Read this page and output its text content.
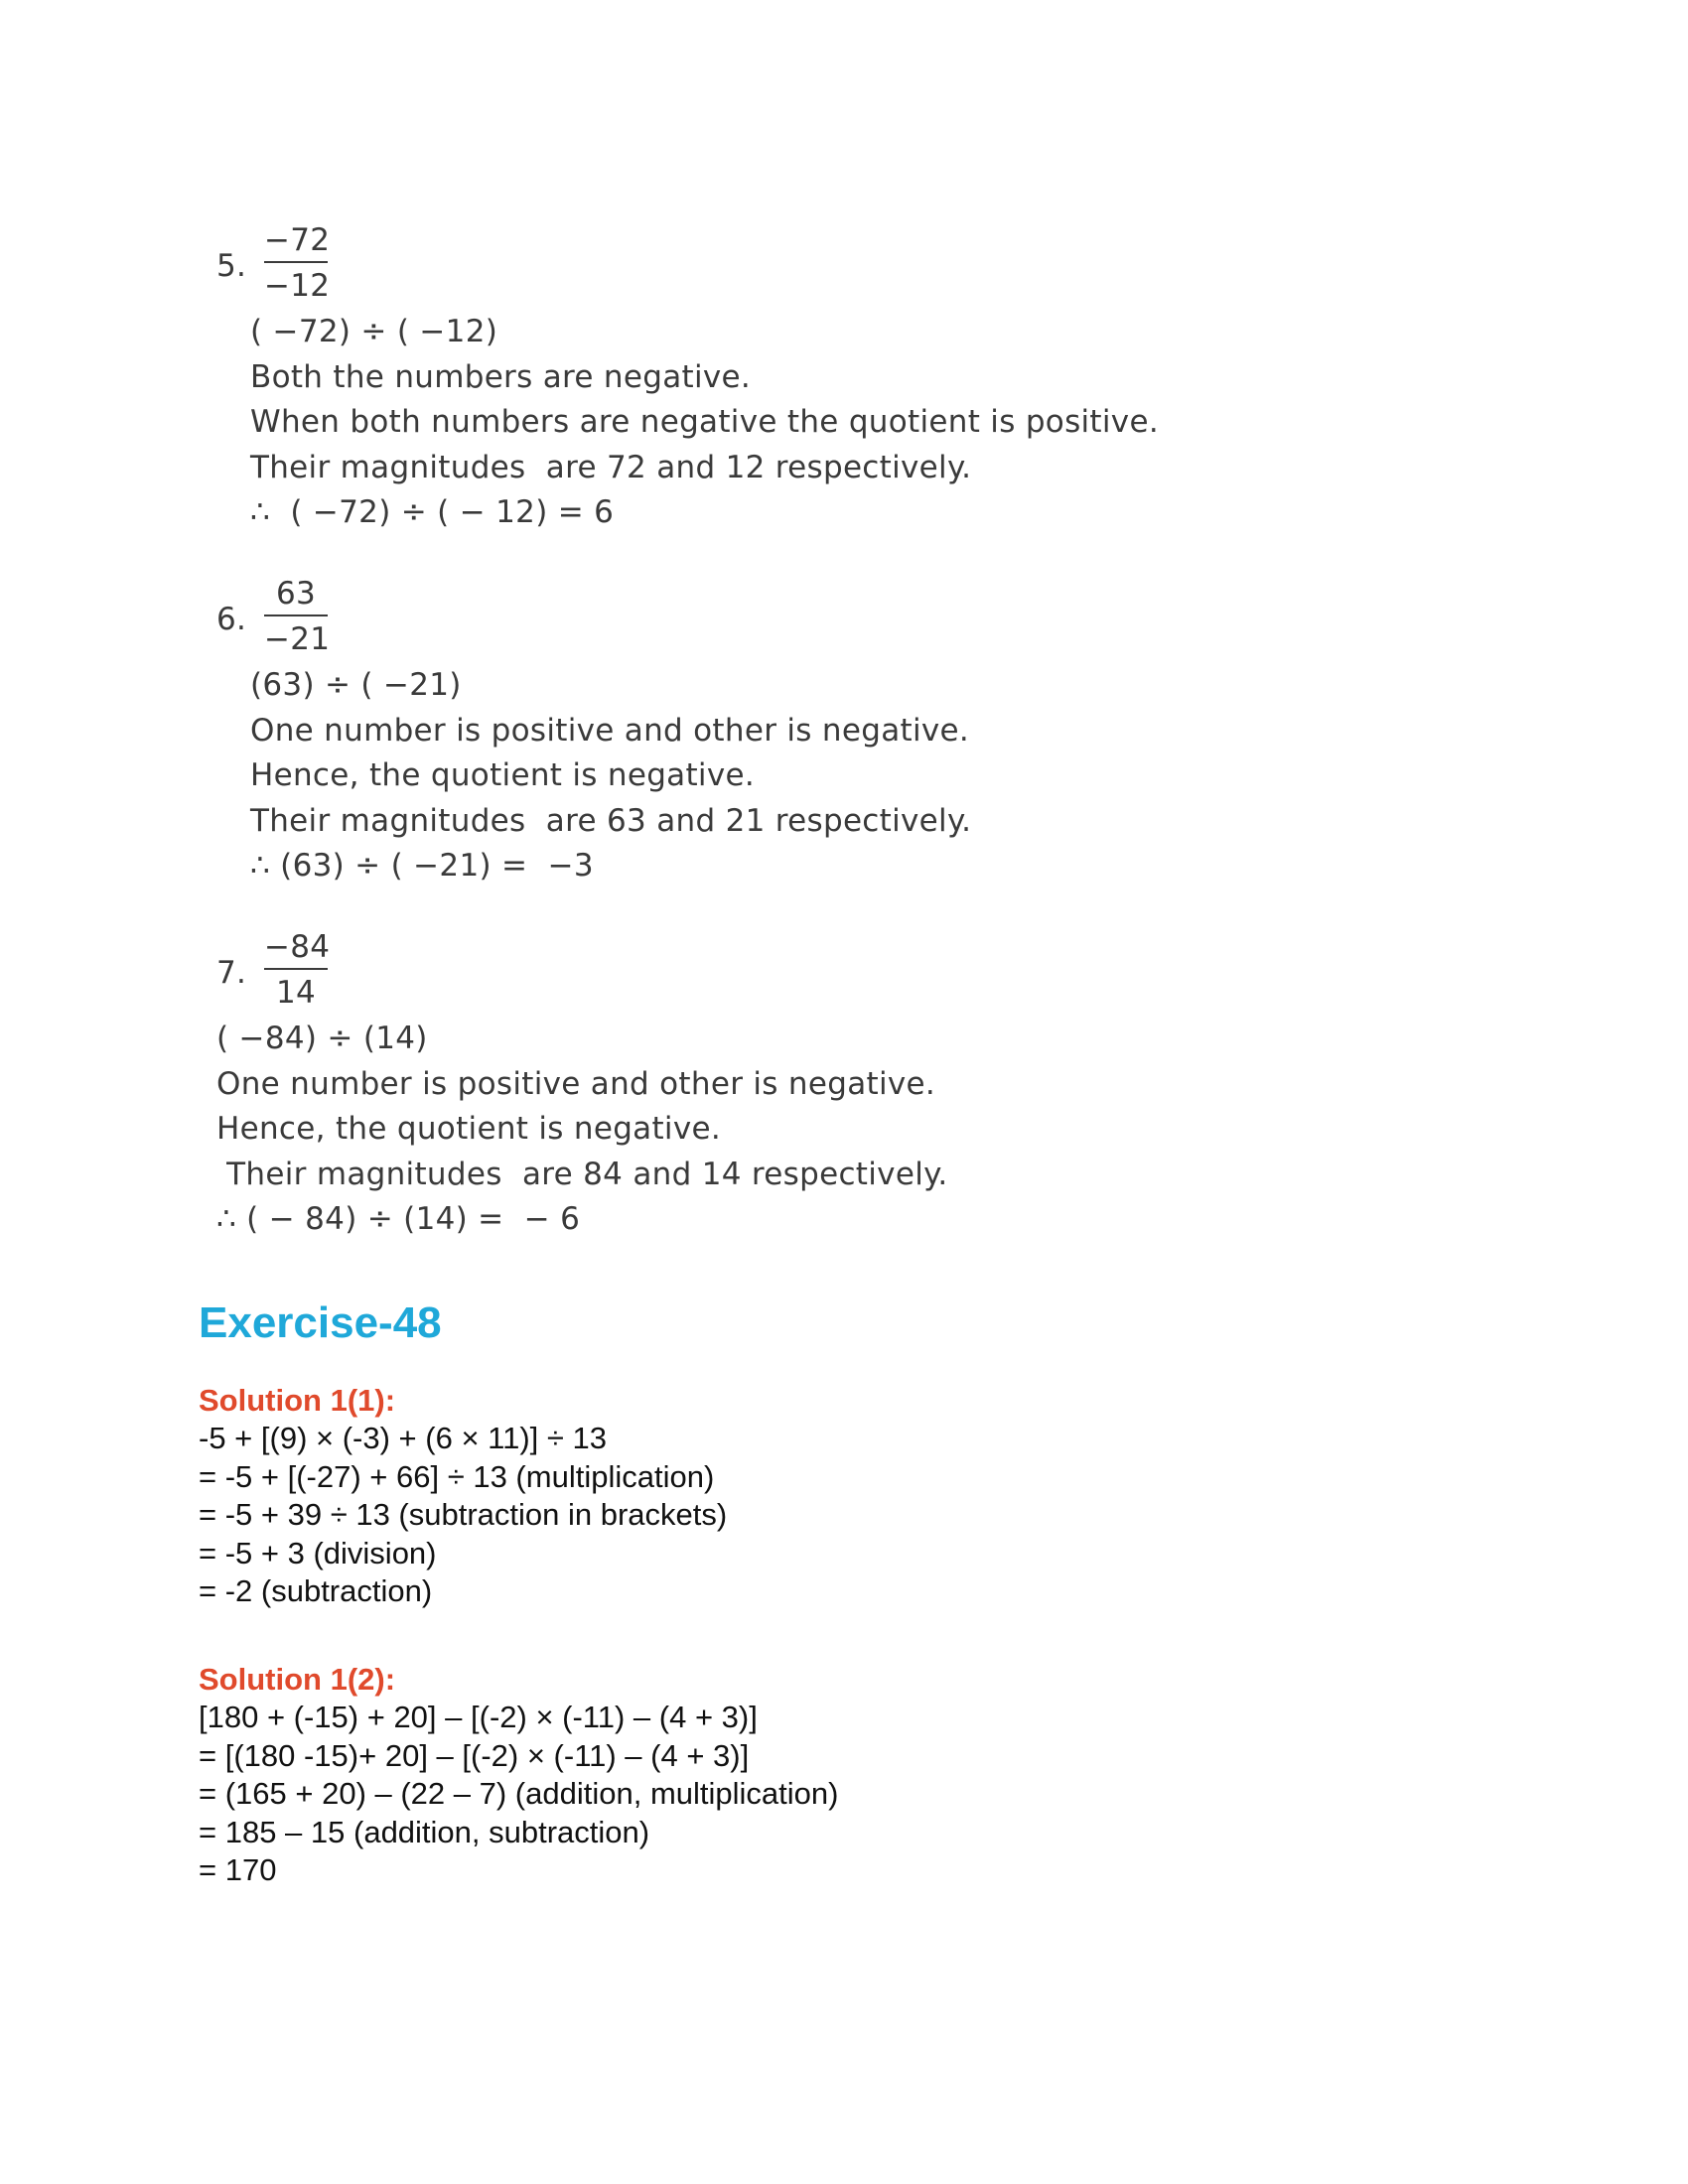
5.
−72
−12
( −72) ÷ ( −12)
Both the numbers are negative.
When both numbers are negative the quotient is positive.
Their magnitudes  are 72 and 12 respectively.
∴  ( −72) ÷ ( − 12) = 6
6.
63
−21
(63) ÷ ( −21)
One number is positive and other is negative.
Hence, the quotient is negative.
Their magnitudes  are 63 and 21 respectively.
∴ (63) ÷ ( −21) =  −3
7.
−84
14
( −84) ÷ (14)
One number is positive and other is negative.
Hence, the quotient is negative.
Their magnitudes  are 84 and 14 respectively.
∴ ( − 84) ÷ (14) =  − 6
Exercise-48
Solution 1(1):
-5 + [(9) × (-3) + (6 × 11)] ÷ 13
= -5 + [(-27) + 66] ÷ 13 (multiplication)
= -5 + 39 ÷ 13 (subtraction in brackets)
= -5 + 3 (division)
= -2 (subtraction)
Solution 1(2):
[180 + (-15) + 20] – [(-2) × (-11) – (4 + 3)]
= [(180 -15)+ 20] – [(-2) × (-11) – (4 + 3)]
= (165 + 20) – (22 – 7) (addition, multiplication)
= 185 – 15 (addition, subtraction)
= 170
